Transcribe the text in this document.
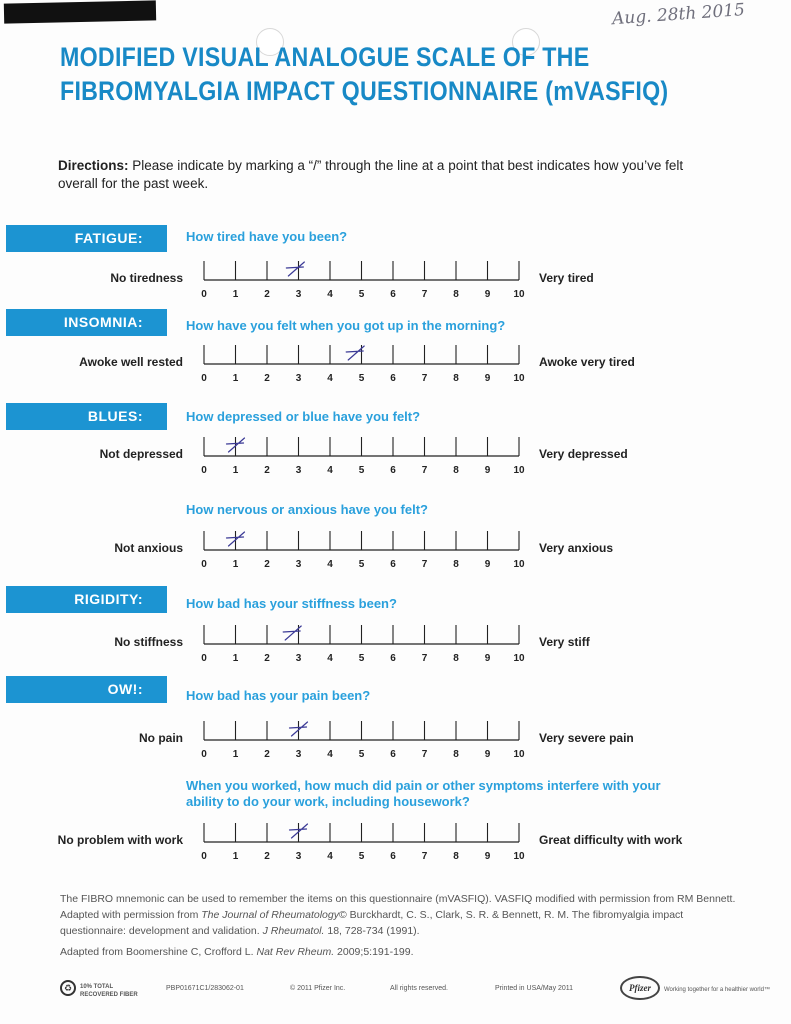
Aug. 28th 2015
MODIFIED VISUAL ANALOGUE SCALE OF THE
FIBROMYALGIA IMPACT QUESTIONNAIRE (mVASFIQ)
Directions: Please indicate by marking a “/” through the line at a point that best indicates how you’ve felt overall for the past week.
FATIGUE:	How tired have you been?
No tiredness	Very tired
0	1	2	3	4	5	6	7	8	9 10
INSOMNIA:	How have you felt when you got up in the morning?
Awoke well rested	Awoke very tired
0	1	2	3	4	5	6	7	8	9 10
BLUES:	How depressed or blue have you felt?
Not depressed	Very depressed
0	1	2	3	4	5	6	7	8	9 10
How nervous or anxious have you felt?
Not anxious	Very anxious
0	1	2	3	4	5	6	7	8	9 10
RIGIDITY:	How bad has your stiffness been?
No stiffness	Very stiff
0	1	2	3	4	5	6	7	8	9 10
OW!:	How bad has your pain been?
No pain	Very severe pain
0	1	2	3	4	5	6	7	8	9 10
When you worked, how much did pain or other symptoms interfere with your ability to do your work, including housework?
No problem with work	Great difficulty with work
0	1	2	3	4	5	6	7	8	9 10

The FIBRO mnemonic can be used to remember the items on this questionnaire (mVASFIQ). VASFIQ modified with permission from RM Bennett. Adapted with permission from The Journal of Rheumatology© Burckhardt, C. S., Clark, S. R. & Bennett, R. M. The fibromyalgia impact questionnaire: development and validation. J Rheumatol. 18, 728-734 (1991).

Adapted from Boomershine C, Crofford L. Nat Rev Rheum. 2009;5:191-199.

♻	10% TOTAL RECOVERED FIBER
PBP01671C1/283062-01	© 2011 Pfizer Inc.	All rights reserved.	Printed in USA/May 2011	Pfizer	Working together for a healthier world™
